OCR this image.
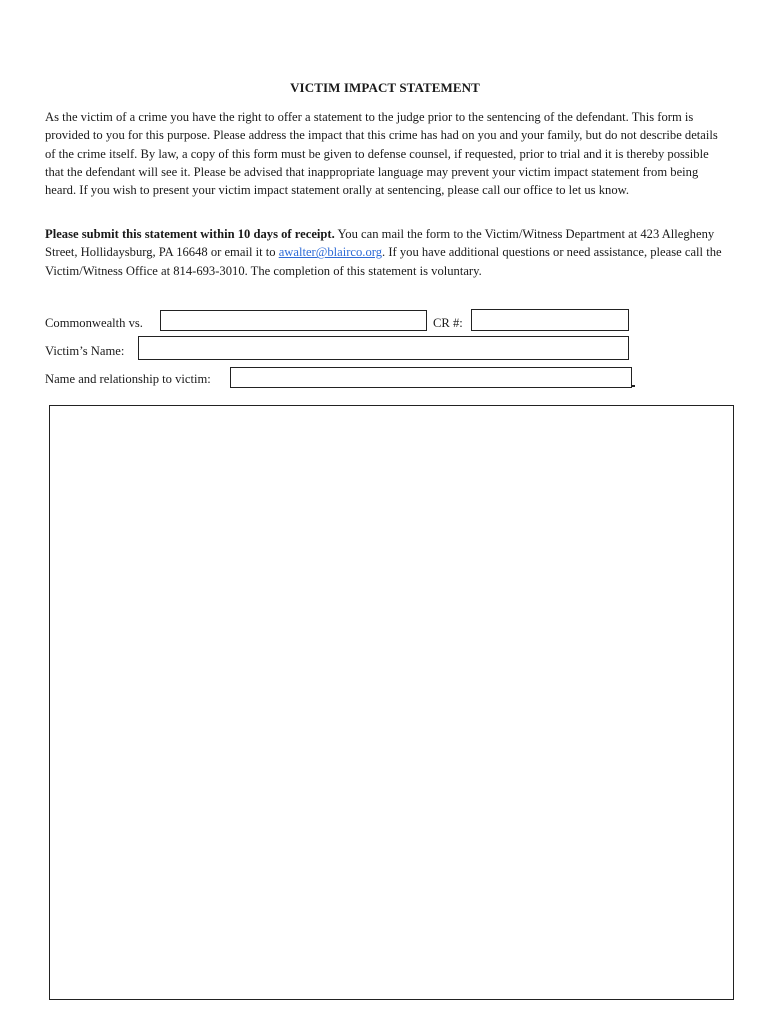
VICTIM IMPACT STATEMENT
As the victim of a crime you have the right to offer a statement to the judge prior to the sentencing of the defendant. This form is provided to you for this purpose. Please address the impact that this crime has had on you and your family, but do not describe details of the crime itself. By law, a copy of this form must be given to defense counsel, if requested, prior to trial and it is thereby possible that the defendant will see it. Please be advised that inappropriate language may prevent your victim impact statement from being heard. If you wish to present your victim impact statement orally at sentencing, please call our office to let us know.
Please submit this statement within 10 days of receipt. You can mail the form to the Victim/Witness Department at 423 Allegheny Street, Hollidaysburg, PA 16648 or email it to awalter@blairco.org. If you have additional questions or need assistance, please call the Victim/Witness Office at 814-693-3010. The completion of this statement is voluntary.
Commonwealth vs.	CR #:
Victim’s Name:
Name and relationship to victim:
